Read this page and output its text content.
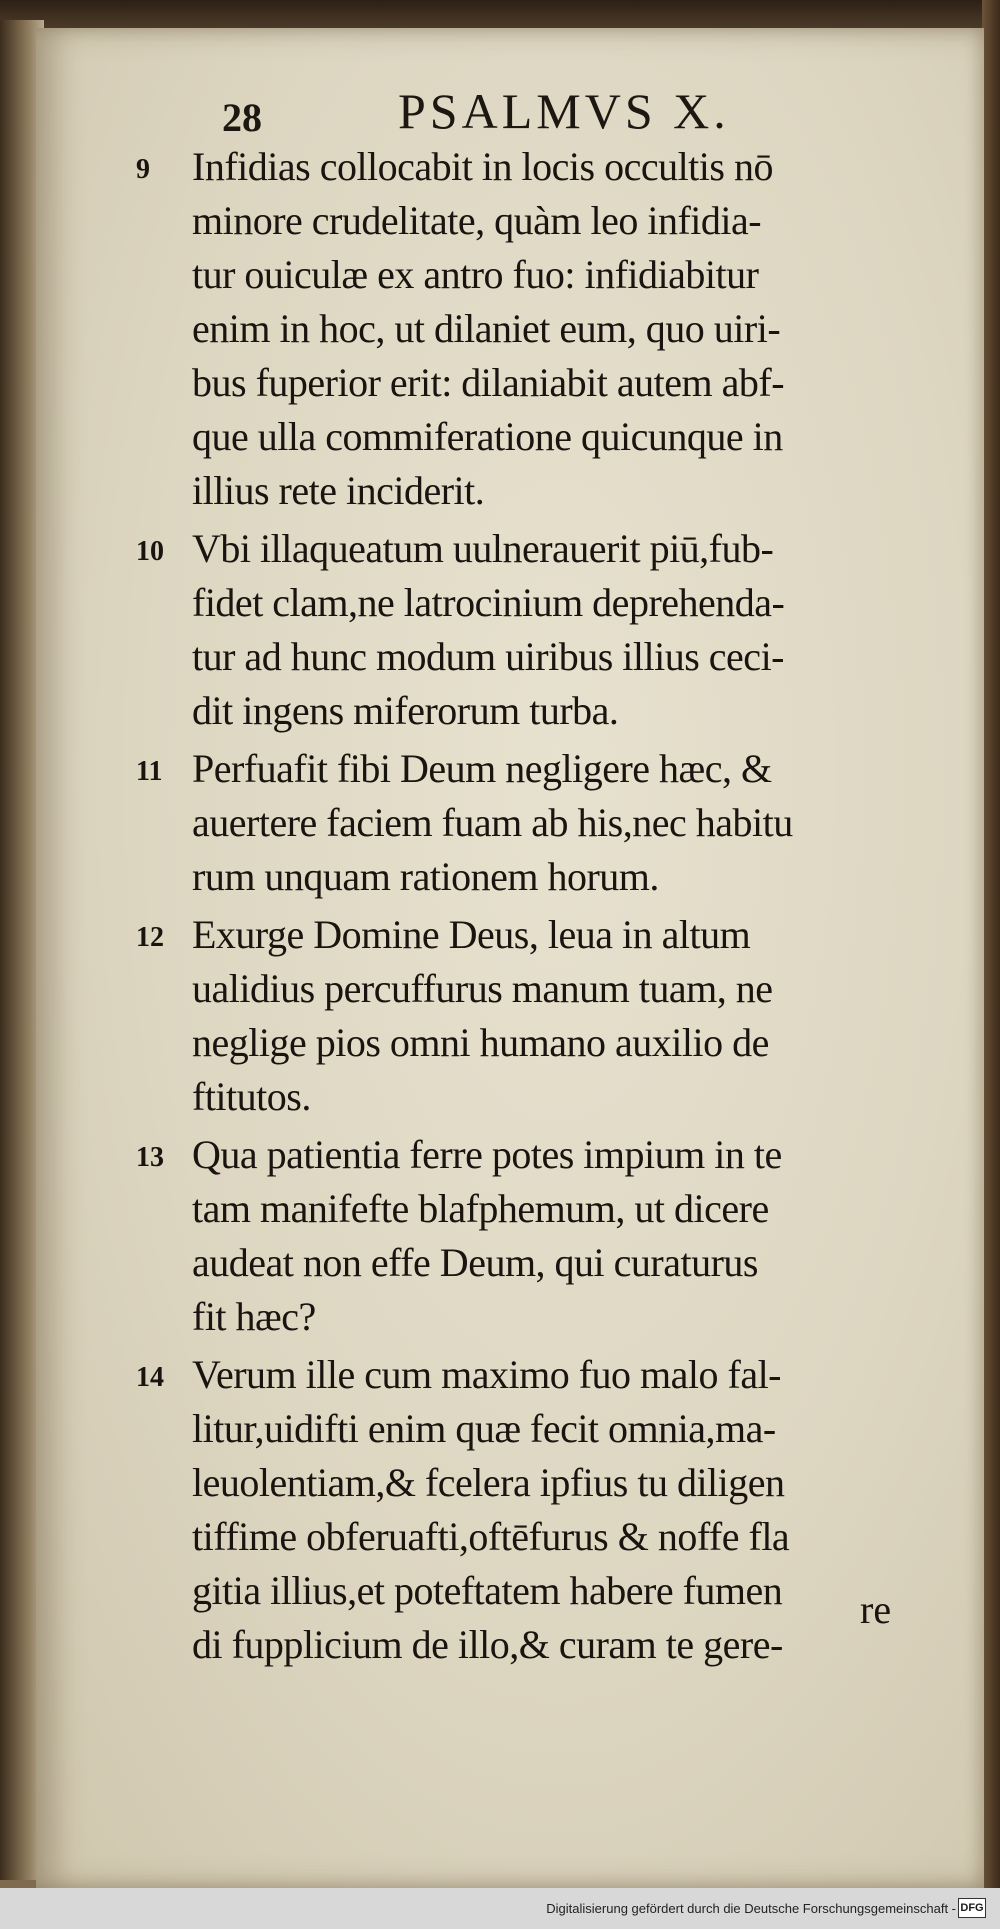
28	PSALMVS X.
9	Infidias collocabit in locis occultis nō
minore crudelitate, quàm leo infidia-
tur ouiculæ ex antro fuo: infidiabitur
enim in hoc, ut dilaniet eum, quo uiri-
bus fuperior erit: dilaniabit autem abf-
que ulla commiferatione quicunque in
illius rete inciderit.
10 Vbi illaqueatum uulnerauerit piū,fub-
fidet clam,ne latrocinium deprehenda-
tur ad hunc modum uiribus illius ceci-
dit ingens miferorum turba.
11 Perfuafit fibi Deum negligere hæc, &
auertere faciem fuam ab his,nec habitu
rum unquam rationem horum.
12 Exurge Domine Deus, leua in altum
ualidius percuffurus manum tuam, ne
neglige pios omni humano auxilio de
ftitutos.
13 Qua patientia ferre potes impium in te
tam manifefte blafphemum, ut dicere
audeat non effe Deum, qui curaturus
fit hæc?
14 Verum ille cum maximo fuo malo fal-
litur,uidifti enim quæ fecit omnia,ma-
leuolentiam,& fcelera ipfius tu diligen
tiffime obferuafti,oftēfurus & noffe fla
gitia illius,et poteftatem habere fumen
di fupplicium de illo,& curam te gere-
re
Digitalisierung gefördert durch die Deutsche Forschungsgemeinschaft - DFG
